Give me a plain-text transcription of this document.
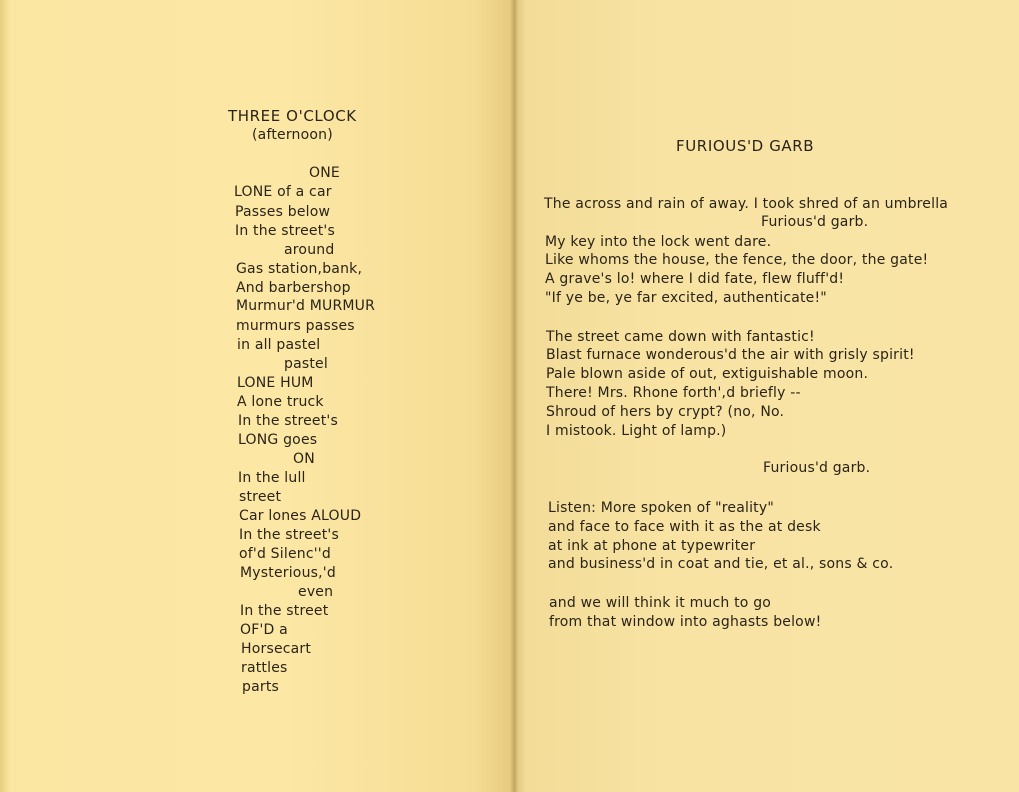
THREE O'CLOCK
(afternoon)
ONE
LONE of a car
Passes below
In the street's
around
Gas station,bank,
And barbershop
Murmur'd MURMUR
murmurs passes
in all pastel
pastel
LONE HUM
A lone truck
In the street's
LONG goes
ON
In the lull
street
Car lones ALOUD
In the street's
of'd Silenc''d
Mysterious,'d
even
In the street
OF'D a
Horsecart
rattles
parts
FURIOUS'D GARB
The across and rain of away. I took shred of an umbrella
Furious'd garb.
My key into the lock went dare.
Like whoms the house, the fence, the door, the gate!
A grave's lo! where I did fate, flew fluff'd!
"If ye be, ye far excited, authenticate!"
The street came down with fantastic!
Blast furnace wonderous'd the air with grisly spirit!
Pale blown aside of out, extiguishable moon.
There! Mrs. Rhone forth',d briefly --
Shroud of hers by crypt? (no, No.
I mistook. Light of lamp.)
Furious'd garb.
Listen: More spoken of "reality"
and face to face with it as the at desk
at ink at phone at typewriter
and business'd in coat and tie, et al., sons & co.
and we will think it much to go
from that window into aghasts below!
